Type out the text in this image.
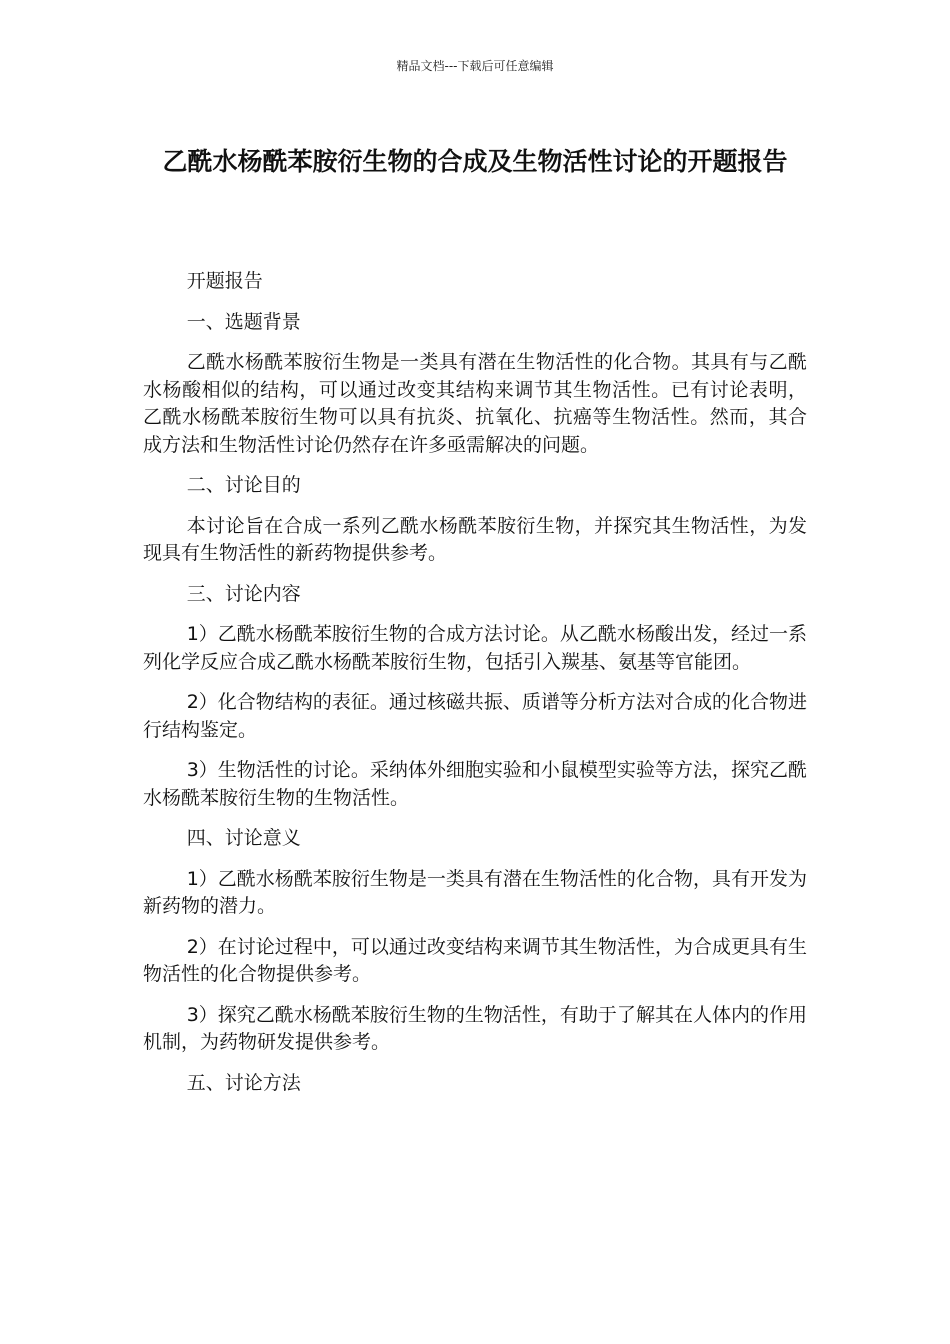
精品文档---下载后可任意编辑
乙酰水杨酰苯胺衍生物的合成及生物活性讨论的开题报告

开题报告

一、选题背景

乙酰水杨酰苯胺衍生物是一类具有潜在生物活性的化合物。其具有与乙酰水杨酸相似的结构，可以通过改变其结构来调节其生物活性。已有讨论表明，乙酰水杨酰苯胺衍生物可以具有抗炎、抗氧化、抗癌等生物活性。然而，其合成方法和生物活性讨论仍然存在许多亟需解决的问题。

二、讨论目的

本讨论旨在合成一系列乙酰水杨酰苯胺衍生物，并探究其生物活性，为发现具有生物活性的新药物提供参考。

三、讨论内容

1）乙酰水杨酰苯胺衍生物的合成方法讨论。从乙酰水杨酸出发，经过一系列化学反应合成乙酰水杨酰苯胺衍生物，包括引入羰基、氨基等官能团。

2）化合物结构的表征。通过核磁共振、质谱等分析方法对合成的化合物进行结构鉴定。

3）生物活性的讨论。采纳体外细胞实验和小鼠模型实验等方法，探究乙酰水杨酰苯胺衍生物的生物活性。

四、讨论意义

1）乙酰水杨酰苯胺衍生物是一类具有潜在生物活性的化合物，具有开发为新药物的潜力。

2）在讨论过程中，可以通过改变结构来调节其生物活性，为合成更具有生物活性的化合物提供参考。

3）探究乙酰水杨酰苯胺衍生物的生物活性，有助于了解其在人体内的作用机制，为药物研发提供参考。

五、讨论方法
